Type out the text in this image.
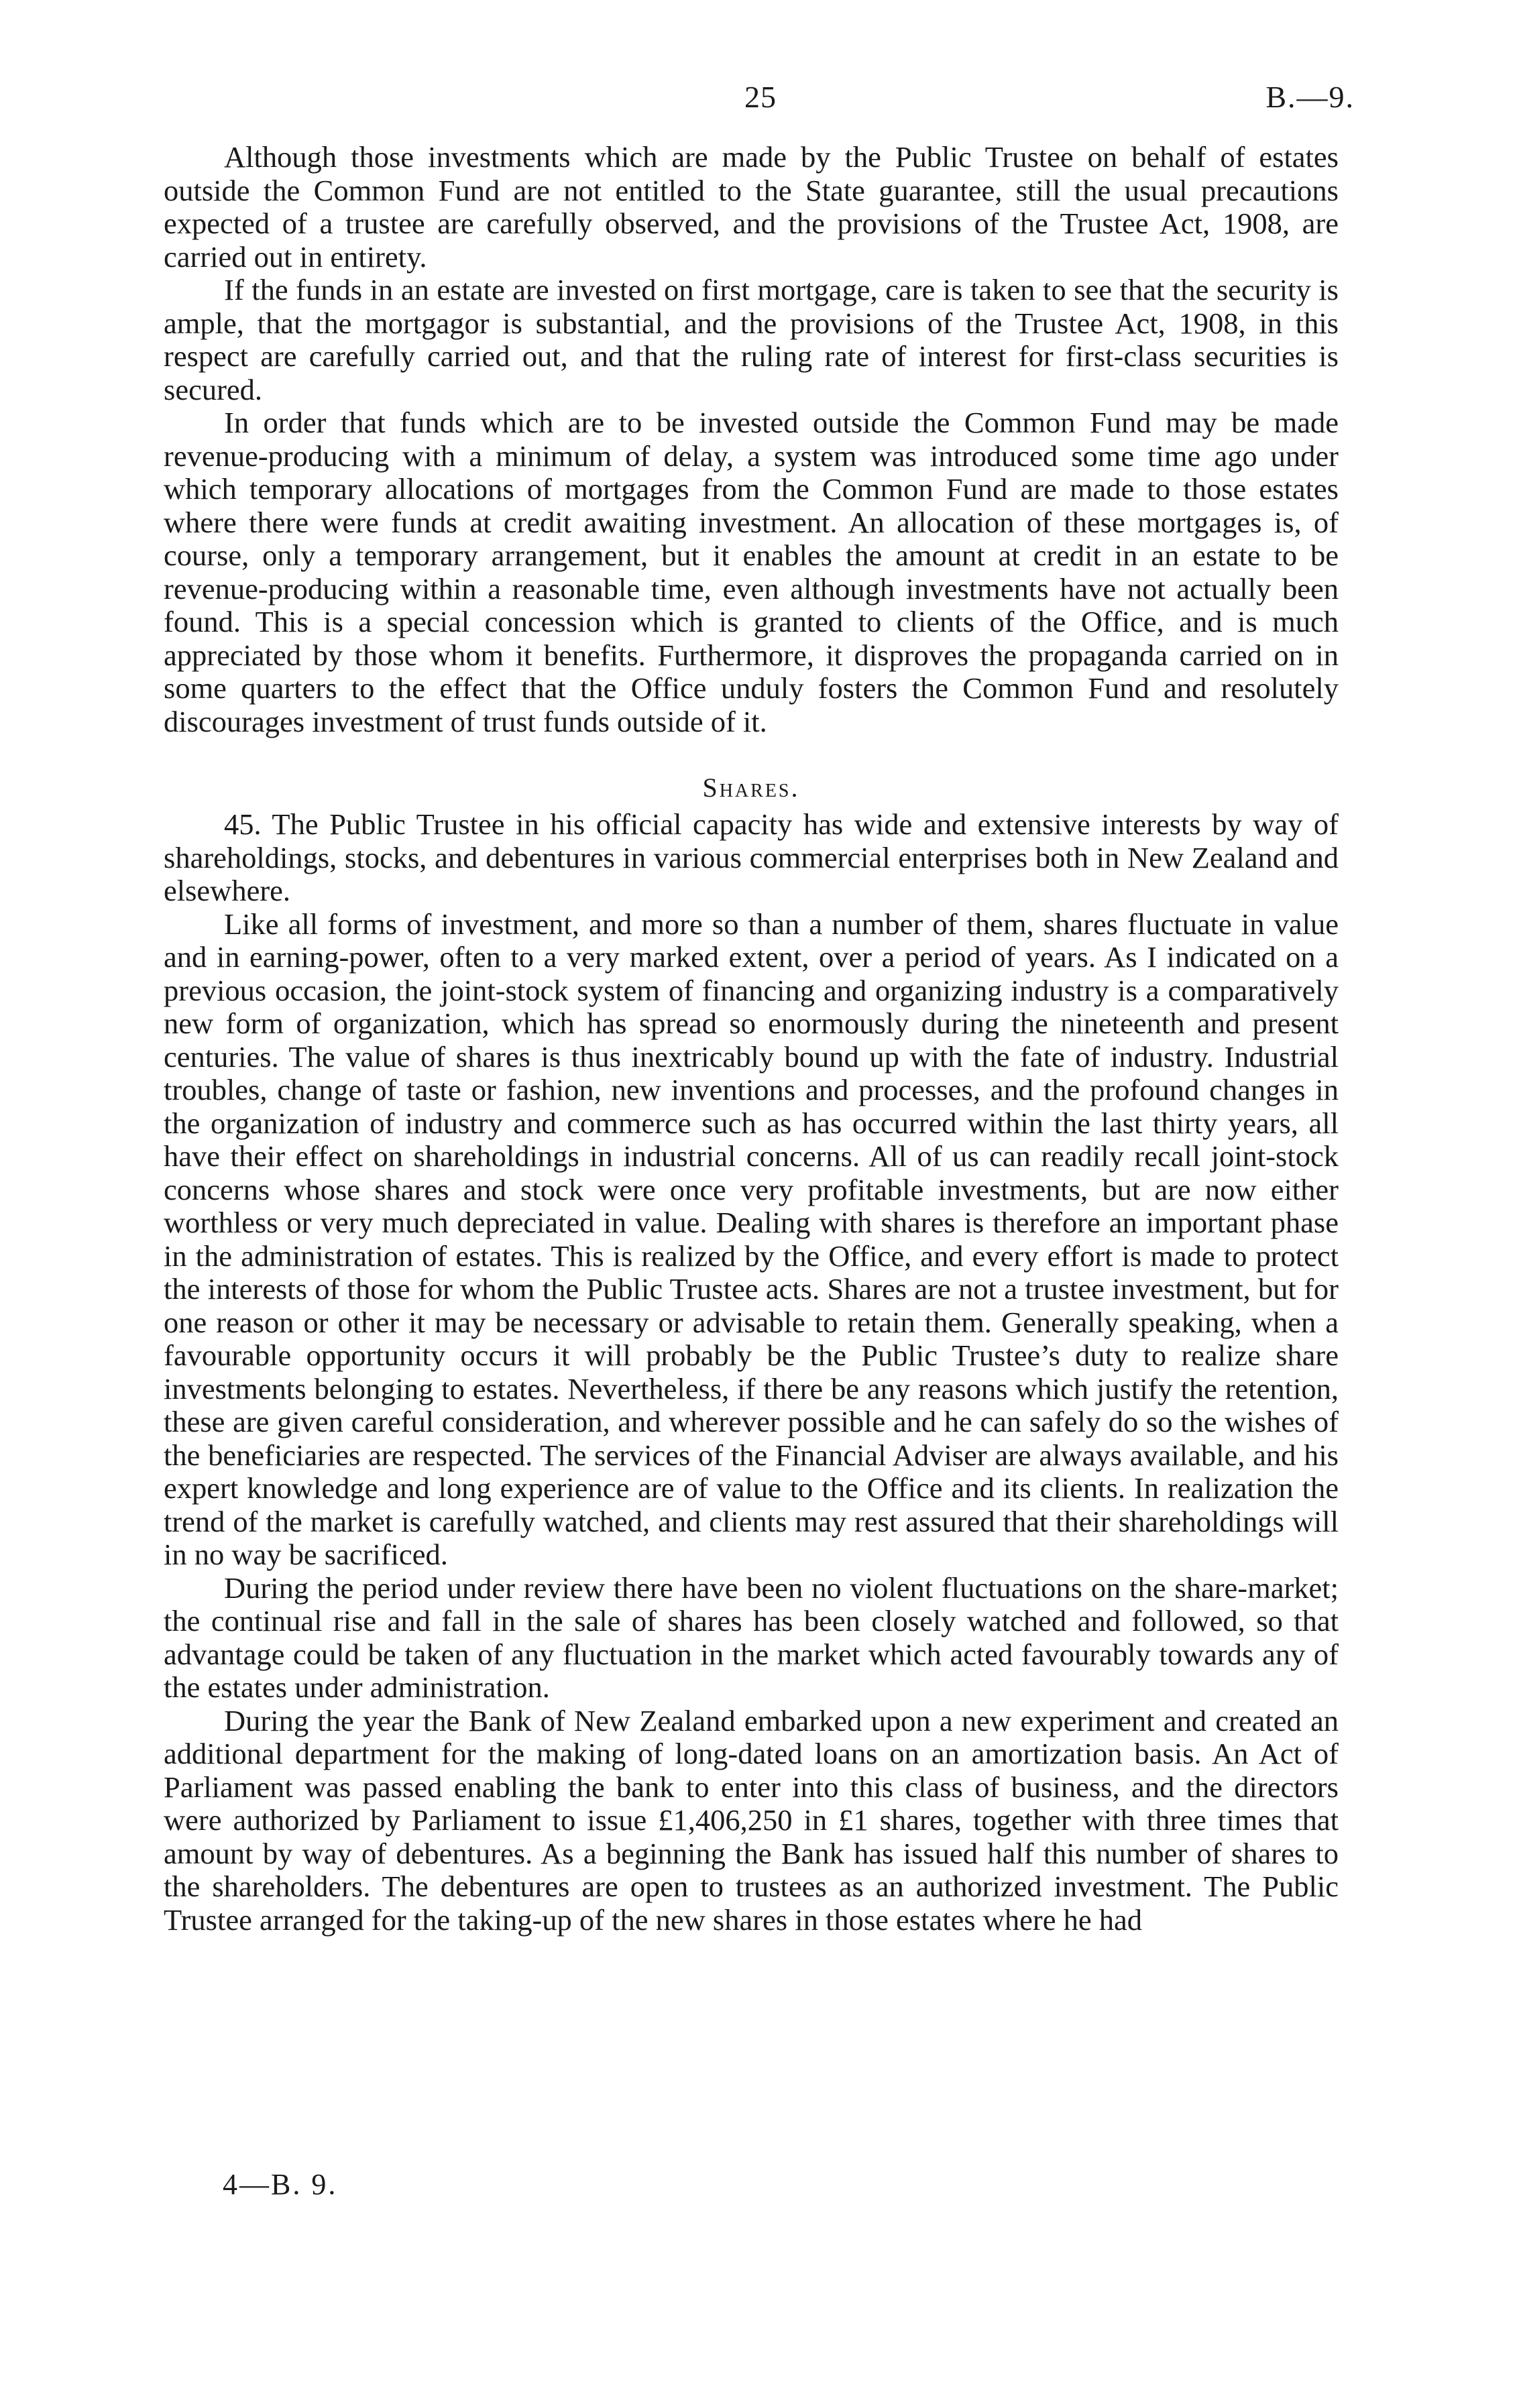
25	B.—9.

Although those investments which are made by the Public Trustee on behalf of estates outside the Common Fund are not entitled to the State guarantee, still the usual precautions expected of a trustee are carefully observed, and the provisions of the Trustee Act, 1908, are carried out in entirety.

If the funds in an estate are invested on first mortgage, care is taken to see that the security is ample, that the mortgagor is substantial, and the provisions of the Trustee Act, 1908, in this respect are carefully carried out, and that the ruling rate of interest for first-class securities is secured.

In order that funds which are to be invested outside the Common Fund may be made revenue-producing with a minimum of delay, a system was introduced some time ago under which temporary allocations of mortgages from the Common Fund are made to those estates where there were funds at credit awaiting investment. An allocation of these mortgages is, of course, only a temporary arrangement, but it enables the amount at credit in an estate to be revenue-producing within a reasonable time, even although investments have not actually been found. This is a special concession which is granted to clients of the Office, and is much appreciated by those whom it benefits. Furthermore, it disproves the propaganda carried on in some quarters to the effect that the Office unduly fosters the Common Fund and resolutely discourages investment of trust funds outside of it.

Shares.

45. The Public Trustee in his official capacity has wide and extensive interests by way of shareholdings, stocks, and debentures in various commercial enterprises both in New Zealand and elsewhere.

Like all forms of investment, and more so than a number of them, shares fluctuate in value and in earning-power, often to a very marked extent, over a period of years. As I indicated on a previous occasion, the joint-stock system of financing and organizing industry is a comparatively new form of organization, which has spread so enormously during the nineteenth and present centuries. The value of shares is thus inextricably bound up with the fate of industry. Industrial troubles, change of taste or fashion, new inventions and processes, and the profound changes in the organization of industry and commerce such as has occurred within the last thirty years, all have their effect on shareholdings in industrial concerns. All of us can readily recall joint-stock concerns whose shares and stock were once very profitable investments, but are now either worthless or very much depreciated in value. Dealing with shares is therefore an important phase in the administration of estates. This is realized by the Office, and every effort is made to protect the interests of those for whom the Public Trustee acts. Shares are not a trustee investment, but for one reason or other it may be necessary or advisable to retain them. Generally speaking, when a favourable opportunity occurs it will probably be the Public Trustee’s duty to realize share investments belonging to estates. Nevertheless, if there be any reasons which justify the retention, these are given careful consideration, and wherever possible and he can safely do so the wishes of the beneficiaries are respected. The services of the Financial Adviser are always available, and his expert knowledge and long experience are of value to the Office and its clients. In realization the trend of the market is carefully watched, and clients may rest assured that their shareholdings will in no way be sacrificed.

During the period under review there have been no violent fluctuations on the share-market; the continual rise and fall in the sale of shares has been closely watched and followed, so that advantage could be taken of any fluctuation in the market which acted favourably towards any of the estates under administration.

During the year the Bank of New Zealand embarked upon a new experiment and created an additional department for the making of long-dated loans on an amortization basis. An Act of Parliament was passed enabling the bank to enter into this class of business, and the directors were authorized by Parliament to issue £1,406,250 in £1 shares, together with three times that amount by way of debentures. As a beginning the Bank has issued half this number of shares to the shareholders. The debentures are open to trustees as an authorized investment. The Public Trustee arranged for the taking-up of the new shares in those estates where he had

4—B. 9.
